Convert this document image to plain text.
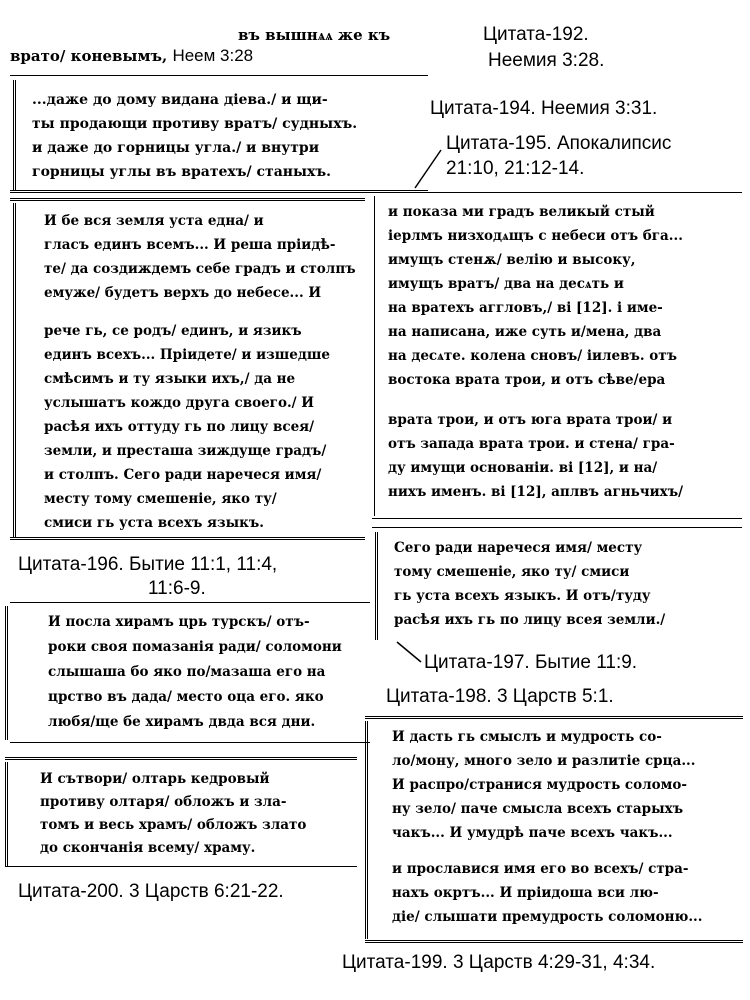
въ вышнѧѧ же къ
врато/ коневымъ, Неем 3:28
Цитата-192.
Неемия 3:28.
...даже до дому видана діева./ и щи-
ты продающи противу вратъ/ судныхъ.
и даже до горницы угла./ и внутри
горницы углы въ вратехъ/ станыхъ.
Цитата-194. Неемия 3:31.
Цитата-195. Апокалипсис
21:10, 21:12-14.
и показа ми градъ великый стый
іерлмъ низходѧщъ с небеси отъ бга...
имущъ стенѫ/ велію и высоку,
имущъ вратъ/ два на десѧть и
на вратехъ аггловъ,/ ві [12]. і име-
на написана, иже суть и/мена, два
на десѧте. колена сновъ/ іилевъ. отъ
востока врата трои, и отъ сѣве/ера
врата трои, и отъ юга врата трои/ и
отъ запада врата трои. и стена/ гра-
ду имущи основаніи. ві [12], и на/
нихъ именъ. ві [12], аплвъ агньчихъ/
И бе вся земля уста една/ и
гласъ единъ всемъ... И реша пріидѣ-
те/ да создиждемъ себе градъ и столпъ
емуже/ будетъ верхъ до небесе... И
рече гь, се родъ/ единъ, и язикъ
единъ всехъ... Пріидете/ и изшедше
смѣсимъ и ту языки ихъ,/ да не
услышатъ кождо друга своего./ И
расѣя ихъ оттуду гь по лицу всея/
земли, и престаша зиждуще градъ/
и столпъ. Сего ради наречеся имя/
месту тому смешеніе, яко ту/
смиси гь уста всехъ языкъ.
Цитата-196. Бытие 11:1, 11:4,
11:6-9.
Сего ради наречеся имя/ месту
тому смешеніе, яко ту/ смиси
гь уста всехъ языкъ. И отъ/туду
расѣя ихъ гь по лицу всея земли./
Цитата-197. Бытие 11:9.
Цитата-198. 3 Царств 5:1.
И посла хирамъ црь турскъ/ отъ-
роки своя помазанія ради/ соломони
слышаша бо яко по/мазаша его на
црство въ дада/ место оца его. яко
любя/ще бе хирамъ двда вся дни.
И дасть гь смыслъ и мудрость со-
ло/мону, много зело и разлитіе срца...
И распро/странися мудрость соломо-
ну зело/ паче смысла всехъ старыхъ
чакъ... И умудрѣ паче всехъ чакъ...
и прославися имя его во всехъ/ стра-
нахъ окртъ... И пріидоша вси лю-
діе/ слышати премудрость соломоню...
Цитата-199. 3 Царств 4:29-31, 4:34.
И сътвори/ олтарь кедровый
противу олтаря/ обложъ и зла-
томъ и весь храмъ/ обложъ злато
до скончанія всему/ храму.
Цитата-200. 3 Царств 6:21-22.
